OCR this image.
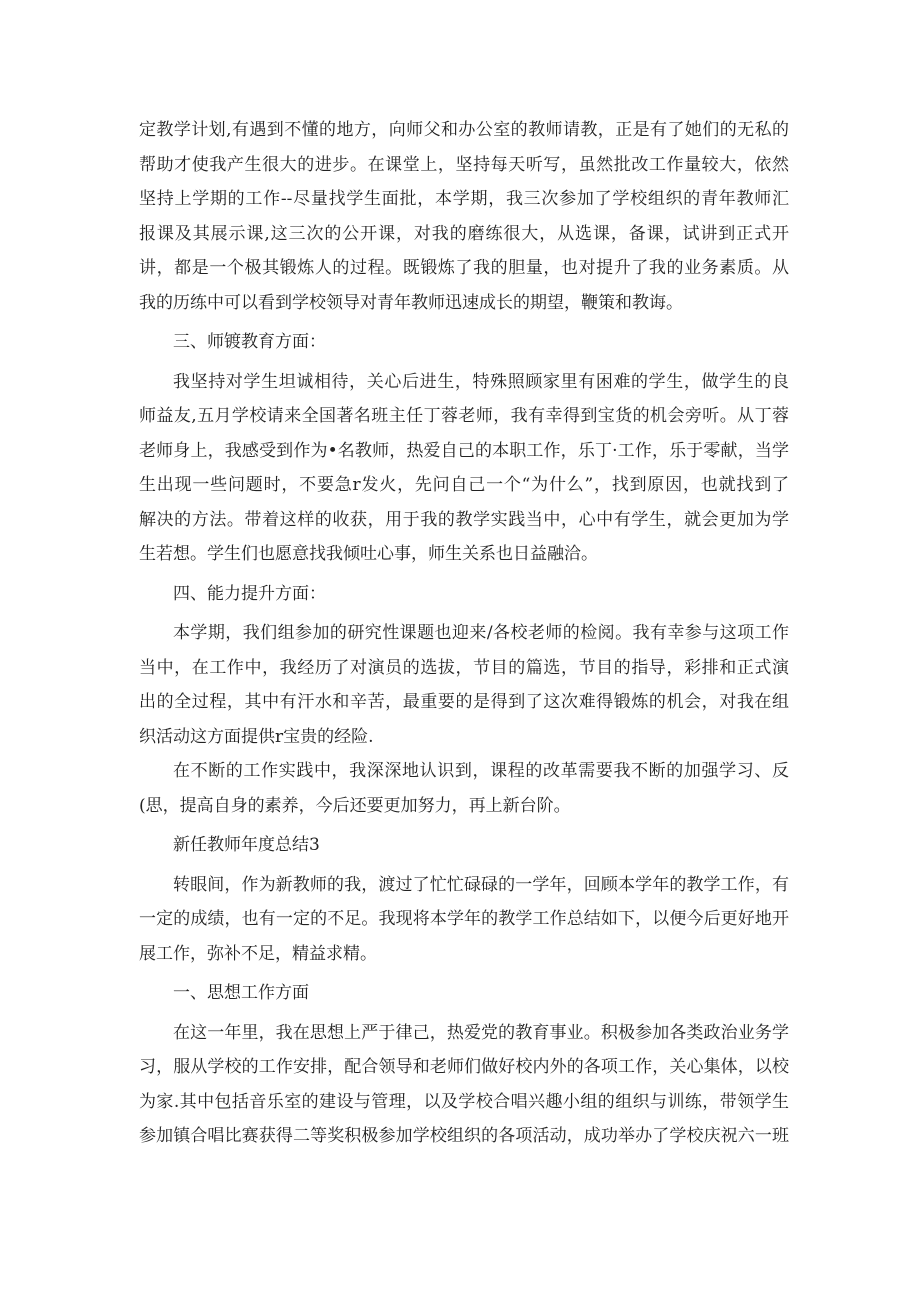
定教学计划,有遇到不懂的地方，向师父和办公室的教师请教，正是有了她们的无私的
帮助才使我产生很大的进步。在课堂上，坚持每天听写，虽然批改工作量较大，依然
坚持上学期的工作--尽量找学生面批，本学期，我三次参加了学校组织的青年教师汇
报课及其展示课,这三次的公开课，对我的磨练很大，从选课，备课，试讲到正式开
讲，都是一个极其锻炼人的过程。既锻炼了我的胆量，也对提升了我的业务素质。从
我的历练中可以看到学校领导对青年教师迅速成长的期望，鞭策和教诲。
三、师镀教育方面：
我坚持对学生坦诚相待，关心后进生，特殊照顾家里有困难的学生，做学生的良
师益友,五月学校请来全国著名班主任丁蓉老师，我有幸得到宝货的机会旁听。从丁蓉
老师身上，我感受到作为•名教师，热爱自己的本职工作，乐丁·工作，乐于零献，当学
生出现一些问题时，不要急r发火，先问自己一个“为什么”，找到原因，也就找到了
解决的方法。带着这样的收获，用于我的教学实践当中，心中有学生，就会更加为学
生若想。学生们也愿意找我倾吐心事，师生关系也日益融洽。
四、能力提升方面：
本学期，我们组参加的研究性课题也迎来/各校老师的检阅。我有幸参与这项工作
当中，在工作中，我经历了对演员的选拔，节目的篇选，节目的指导，彩排和正式演
出的全过程，其中有汗水和辛苦，最重要的是得到了这次难得锻炼的机会，对我在组
织活动这方面提供r宝贵的经险.
在不断的工作实践中，我深深地认识到，课程的改革需要我不断的加强学习、反
(思，提高自身的素养，今后还要更加努力，再上新台阶。
新任教师年度总结3
转眼间，作为新教师的我，渡过了忙忙碌碌的一学年，回顾本学年的教学工作，有
一定的成绩，也有一定的不足。我现将本学年的教学工作总结如下，以便今后更好地开
展工作，弥补不足，精益求精。
一、思想工作方面
在这一年里，我在思想上严于律己，热爱党的教育事业。积极参加各类政治业务学
习，服从学校的工作安排，配合领导和老师们做好校内外的各项工作，关心集体，以校
为家.其中包括音乐室的建设与管理，以及学校合唱兴趣小组的组织与训练，带领学生
参加镇合唱比赛获得二等奖积极参加学校组织的各项活动，成功举办了学校庆祝六一班
